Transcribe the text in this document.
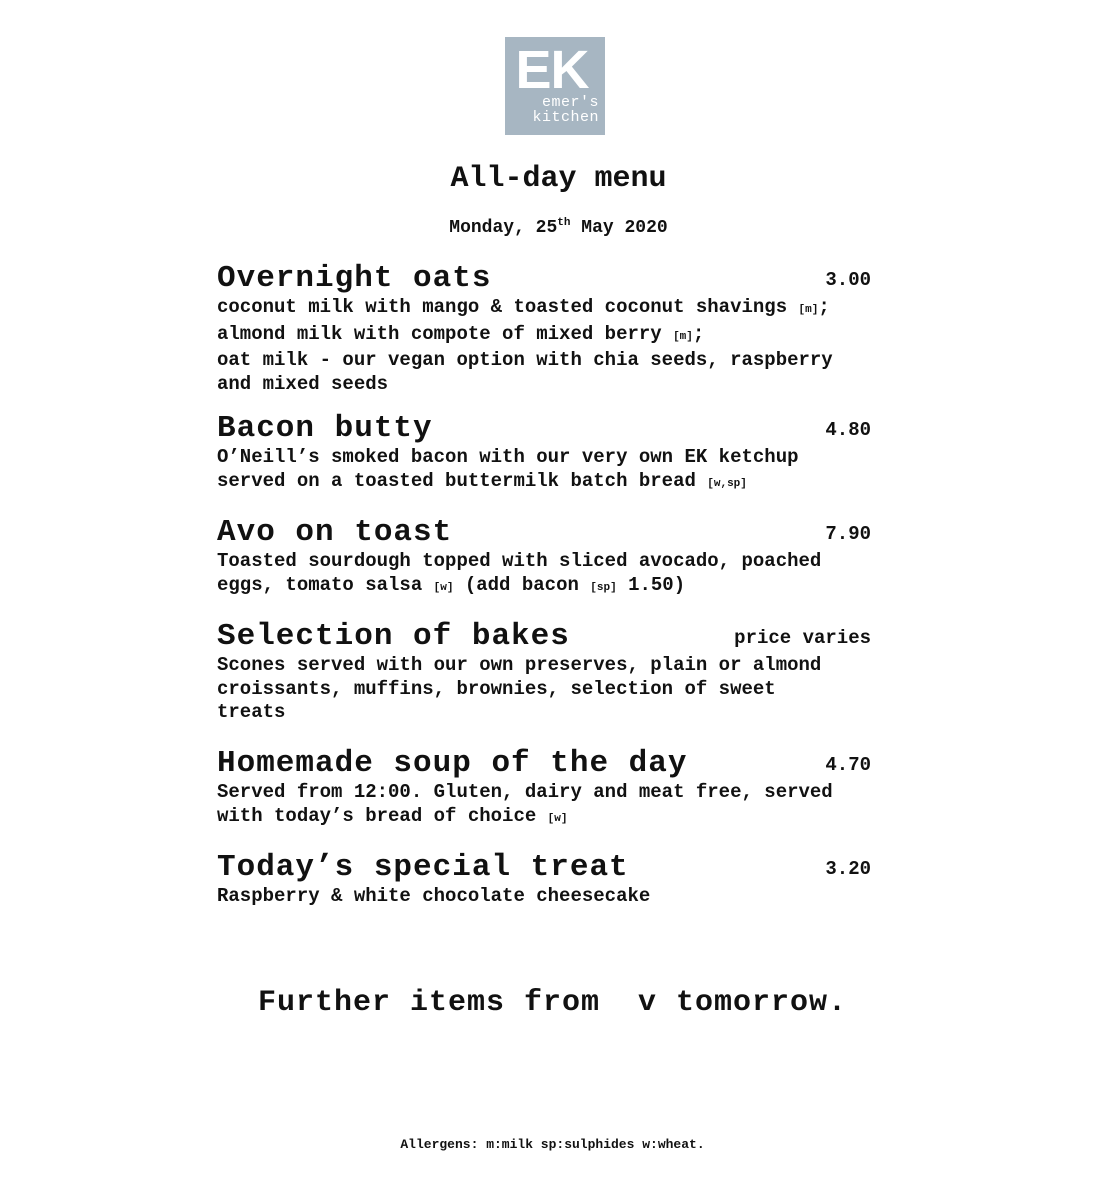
EK
emer's
kitchen
All-day menu
Monday, 25th May 2020
Overnight oats	3.00
coconut milk with mango & toasted coconut shavings [m];
almond milk with compote of mixed berry [m];
oat milk - our vegan option with chia seeds, raspberry
and mixed seeds
Bacon butty	4.80
O’Neill’s smoked bacon with our very own EK ketchup
served on a toasted buttermilk batch bread [w,sp]
Avo on toast	7.90
Toasted sourdough topped with sliced avocado, poached
eggs, tomato salsa [w] (add bacon [sp] 1.50)
Selection of bakes	price varies
Scones served with our own preserves, plain or almond
croissants, muffins, brownies, selection of sweet
treats
Homemade soup of the day	4.70
Served from 12:00. Gluten, dairy and meat free, served
with today’s bread of choice [w]
Today’s special treat	3.20
Raspberry & white chocolate cheesecake
Further items from  v tomorrow.
Allergens: m:milk sp:sulphides w:wheat.
